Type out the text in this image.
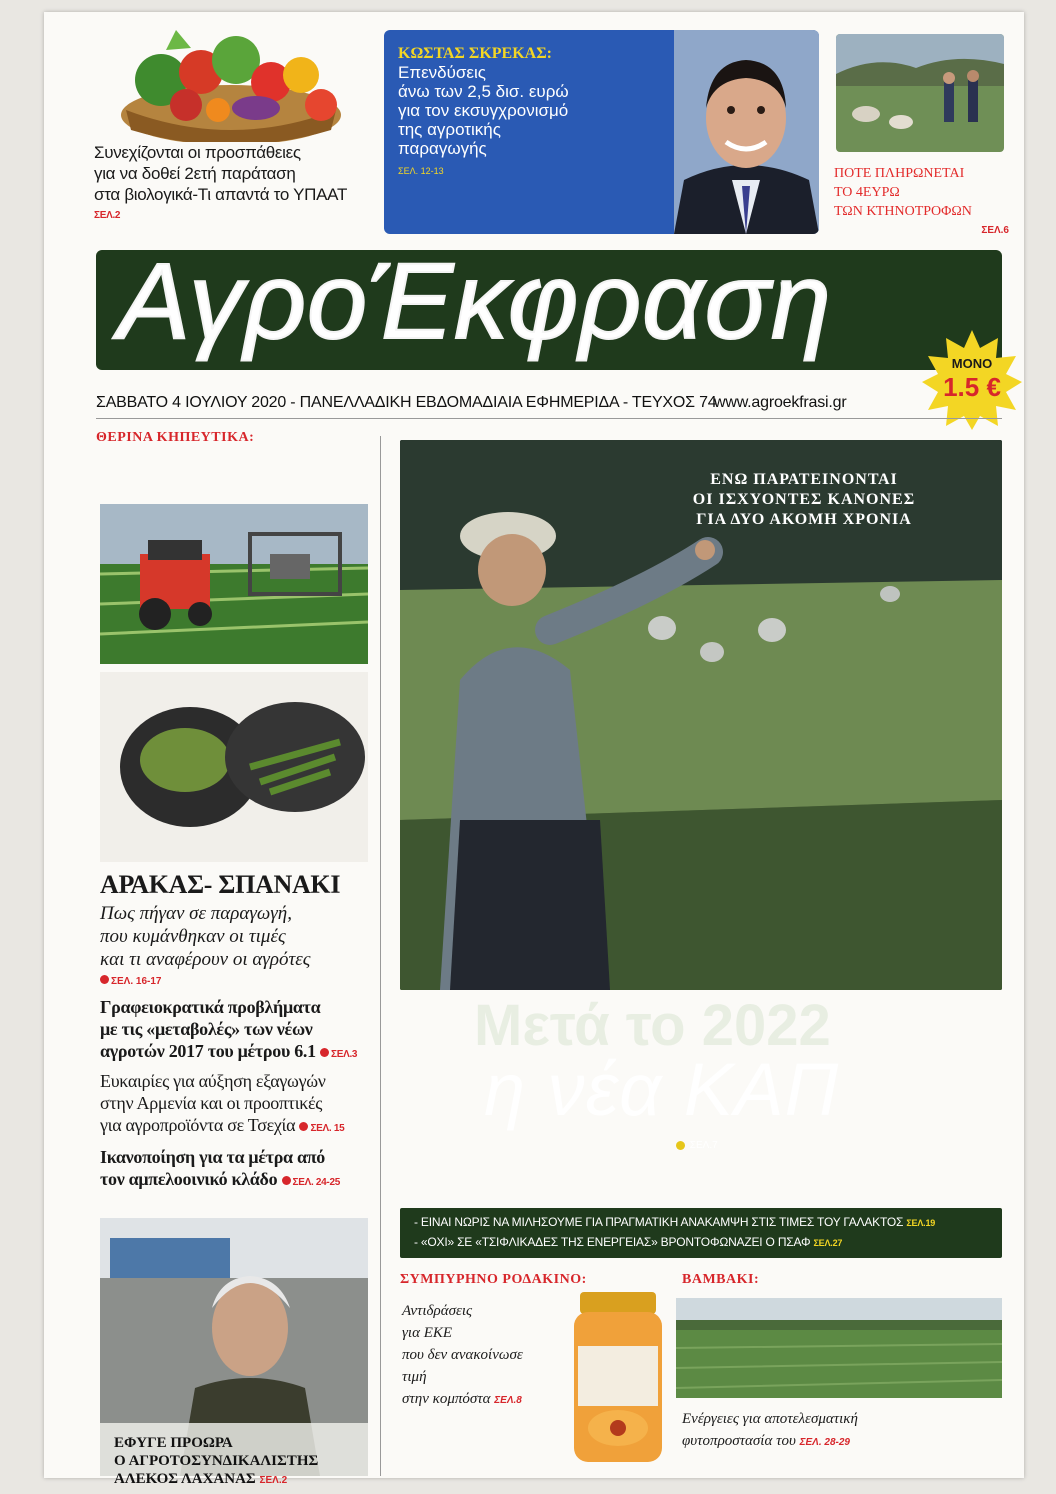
Συνεχίζονται οι προσπάθειες
για να δοθεί 2ετή παράταση
στα βιολογικά-Τι απαντά το ΥΠΑΑΤ
ΣΕΛ.2
ΚΩΣΤΑΣ ΣΚΡΕΚΑΣ:
Επενδύσεις
άνω των 2,5 δισ. ευρώ
για τον εκσυγχρονισμό
της αγροτικής
παραγωγής
ΣΕΛ. 12-13	ΠΟΤΕ ΠΛΗΡΩΝΕΤΑΙ
ΤΟ 4ΕΥΡΩ
ΤΩΝ ΚΤΗΝΟΤΡΟΦΩΝ
ΣΕΛ.6
ΑγροΈκφραση
ΜΟΝΟ
1.5 €
ΣΑΒΒΑΤΟ 4 ΙΟΥΛΙΟΥ 2020 - ΠΑΝΕΛΛΑΔΙΚΗ ΕΒΔΟΜΑΔΙΑΙΑ ΕΦΗΜΕΡΙΔΑ - ΤΕΥΧΟΣ 74
www.agroekfrasi.gr
ΘΕΡΙΝΑ ΚΗΠΕΥΤΙΚΑ:
ΑΡΑΚΑΣ- ΣΠΑΝΑΚΙ

Πως πήγαν σε παραγωγή,
που κυμάνθηκαν οι τιμές
και τι αναφέρουν οι αγρότες

ΣΕΛ. 16-17
Γραφειοκρατικά προβλήματα
με τις «μεταβολές» των νέων
αγροτών 2017 του μέτρου 6.1 ΣΕΛ.3
Ευκαιρίες για αύξηση εξαγωγών
στην Αρμενία και οι προοπτικές
για αγροπροϊόντα σε Τσεχία ΣΕΛ. 15
Ικανοποίηση για τα μέτρα από
τον αμπελοοινικό κλάδο ΣΕΛ. 24-25
ΕΦΥΓΕ ΠΡΟΩΡΑ
Ο ΑΓΡΟΤΟΣΥΝΔΙΚΑΛΙΣΤΗΣ
ΑΛΕΚΟΣ ΛΑΧΑΝΑΣ ΣΕΛ.2
ΕΝΩ ΠΑΡΑΤΕΙΝΟΝΤΑΙ
ΟΙ ΙΣΧΥΟΝΤΕΣ ΚΑΝΟΝΕΣ
ΓΙΑ ΔΥΟ ΑΚΟΜΗ ΧΡΟΝΙΑ
Μετά το 2022
η νέα ΚΑΠ
ΣΕΛ.7
- ΕΙΝΑΙ ΝΩΡΙΣ ΝΑ ΜΙΛΗΣΟΥΜΕ ΓΙΑ ΠΡΑΓΜΑΤΙΚΗ ΑΝΑΚΑΜΨΗ ΣΤΙΣ ΤΙΜΕΣ ΤΟΥ ΓΑΛΑΚΤΟΣ ΣΕΛ.19
- «ΟΧΙ» ΣΕ «ΤΣΙΦΛΙΚΑΔΕΣ ΤΗΣ ΕΝΕΡΓΕΙΑΣ» ΒΡΟΝΤΟΦΩΝΑΖΕΙ Ο ΠΣΑΦ ΣΕΛ.27
ΣΥΜΠΥΡΗΝΟ ΡΟΔΑΚΙΝΟ:
Αντιδράσεις
για ΕΚΕ
που δεν ανακοίνωσε
τιμή
στην κομπόστα ΣΕΛ.8
ΒΑΜΒΑΚΙ:
Ενέργειες για αποτελεσματική
φυτοπροστασία του ΣΕΛ. 28-29
